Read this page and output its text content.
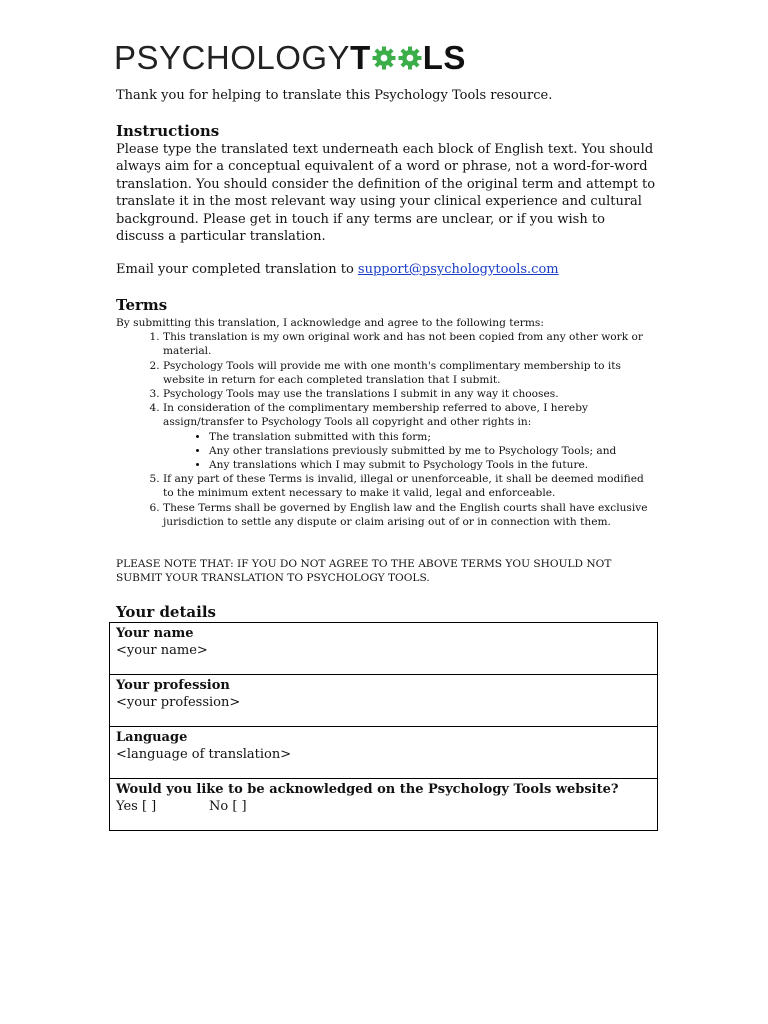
PSYCHOLOGY T LS
Thank you for helping to translate this Psychology Tools resource.
Instructions
Please type the translated text underneath each block of English text. You should always aim for a conceptual equivalent of a word or phrase, not a word-for-word translation. You should consider the definition of the original term and attempt to translate it in the most relevant way using your clinical experience and cultural background. Please get in touch if any terms are unclear, or if you wish to discuss a particular translation.
Email your completed translation to support@psychologytools.com
Terms
By submitting this translation, I acknowledge and agree to the following terms:
1. This translation is my own original work and has not been copied from any other work or material.
2. Psychology Tools will provide me with one month's complimentary membership to its website in return for each completed translation that I submit.
3. Psychology Tools may use the translations I submit in any way it chooses.
4. In consideration of the complimentary membership referred to above, I hereby assign/transfer to Psychology Tools all copyright and other rights in:
• The translation submitted with this form;
• Any other translations previously submitted by me to Psychology Tools; and
• Any translations which I may submit to Psychology Tools in the future.
5. If any part of these Terms is invalid, illegal or unenforceable, it shall be deemed modified to the minimum extent necessary to make it valid, legal and enforceable.
6. These Terms shall be governed by English law and the English courts shall have exclusive jurisdiction to settle any dispute or claim arising out of or in connection with them.
PLEASE NOTE THAT: IF YOU DO NOT AGREE TO THE ABOVE TERMS YOU SHOULD NOT SUBMIT YOUR TRANSLATION TO PSYCHOLOGY TOOLS.
Your details
Your name
<your name>

Your profession
<your profession>

Language
<language of translation>

Would you like to be acknowledged on the Psychology Tools website?
Yes [ ]	No [ ]
